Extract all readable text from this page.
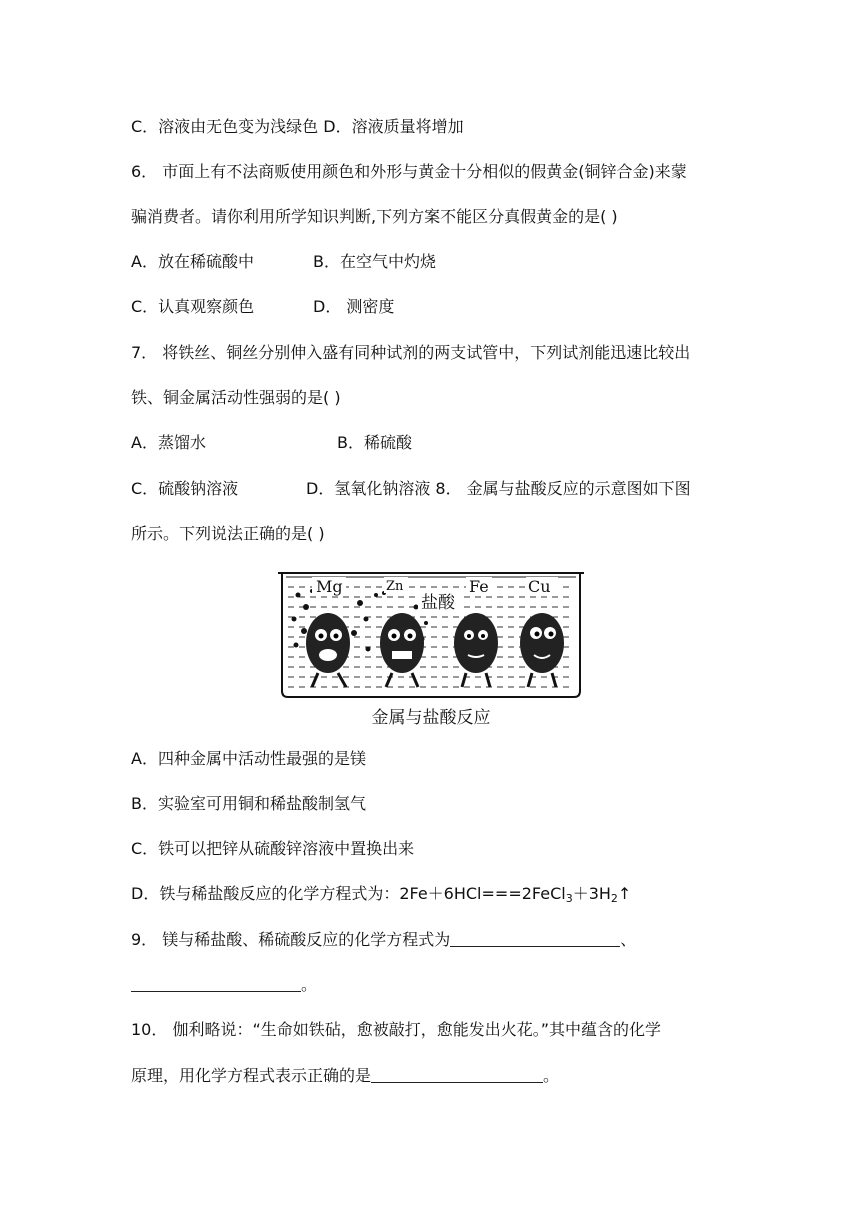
C．溶液由无色变为浅绿色 D．溶液质量将增加
6． 市面上有不法商贩使用颜色和外形与黄金十分相似的假黄金(铜锌合金)来蒙
骗消费者。请你利用所学知识判断,下列方案不能区分真假黄金的是( )
A．放在稀硫酸中	B．在空气中灼烧
C．认真观察颜色	D． 测密度
7． 将铁丝、铜丝分别伸入盛有同种试剂的两支试管中，下列试剂能迅速比较出
铁、铜金属活动性强弱的是( )
A．蒸馏水	B．稀硫酸
C．硫酸钠溶液	D．氢氧化钠溶液 8． 金属与盐酸反应的示意图如下图
所示。下列说法正确的是( )
Mg	Zn	Fe Cu
盐酸
金属与盐酸反应
A．四种金属中活动性最强的是镁
B．实验室可用铜和稀盐酸制氢气
C．铁可以把锌从硫酸锌溶液中置换出来
D．铁与稀盐酸反应的化学方程式为：$2Fe+6HCl===2FeCl_3+3H_2↑$
9． 镁与稀盐酸、稀硫酸反应的化学方程式为	、
。
10． 伽利略说：“生命如铁砧，愈被敲打，愈能发出火花。”其中蕴含的化学
原理，用化学方程式表示正确的是	。
